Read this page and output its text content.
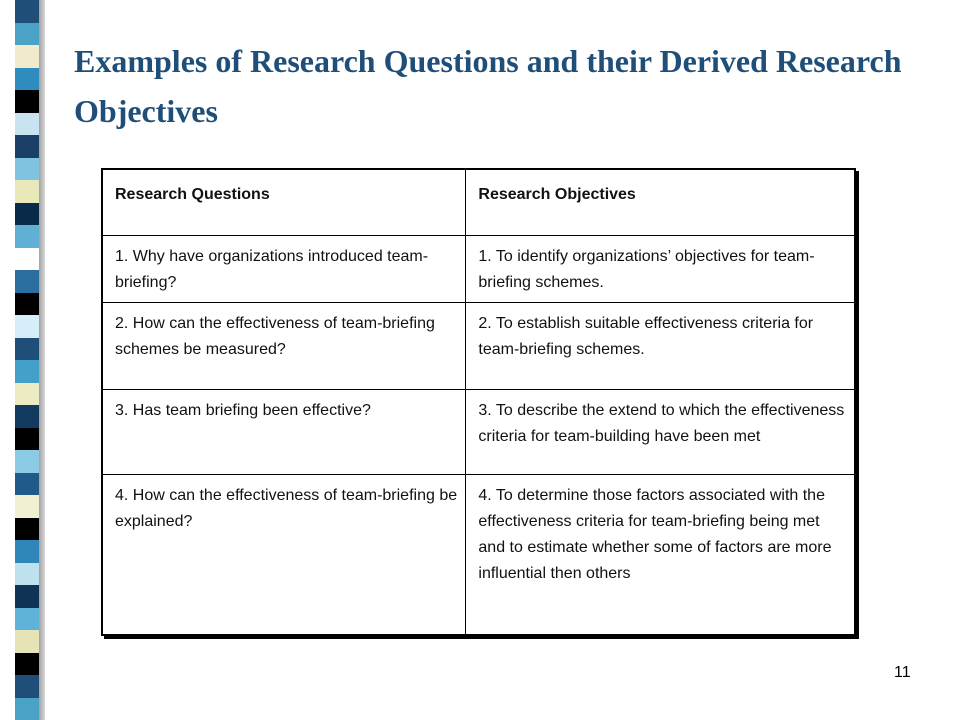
Examples of Research Questions and their Derived Research Objectives
Research Questions	Research Objectives
1. Why have organizations introduced team-briefing?	1. To identify organizations’ objectives for team-briefing schemes.
2. How can the effectiveness of team-briefing schemes be measured?	2. To establish suitable effectiveness criteria for team-briefing schemes.
3. Has team briefing been effective?	3. To describe the extend to which the effectiveness criteria for team-building have been met
4. How can the effectiveness of team-briefing be explained?	4. To determine those factors associated with the effectiveness criteria for team-briefing being met and to estimate whether some of factors are more influential then others
11
